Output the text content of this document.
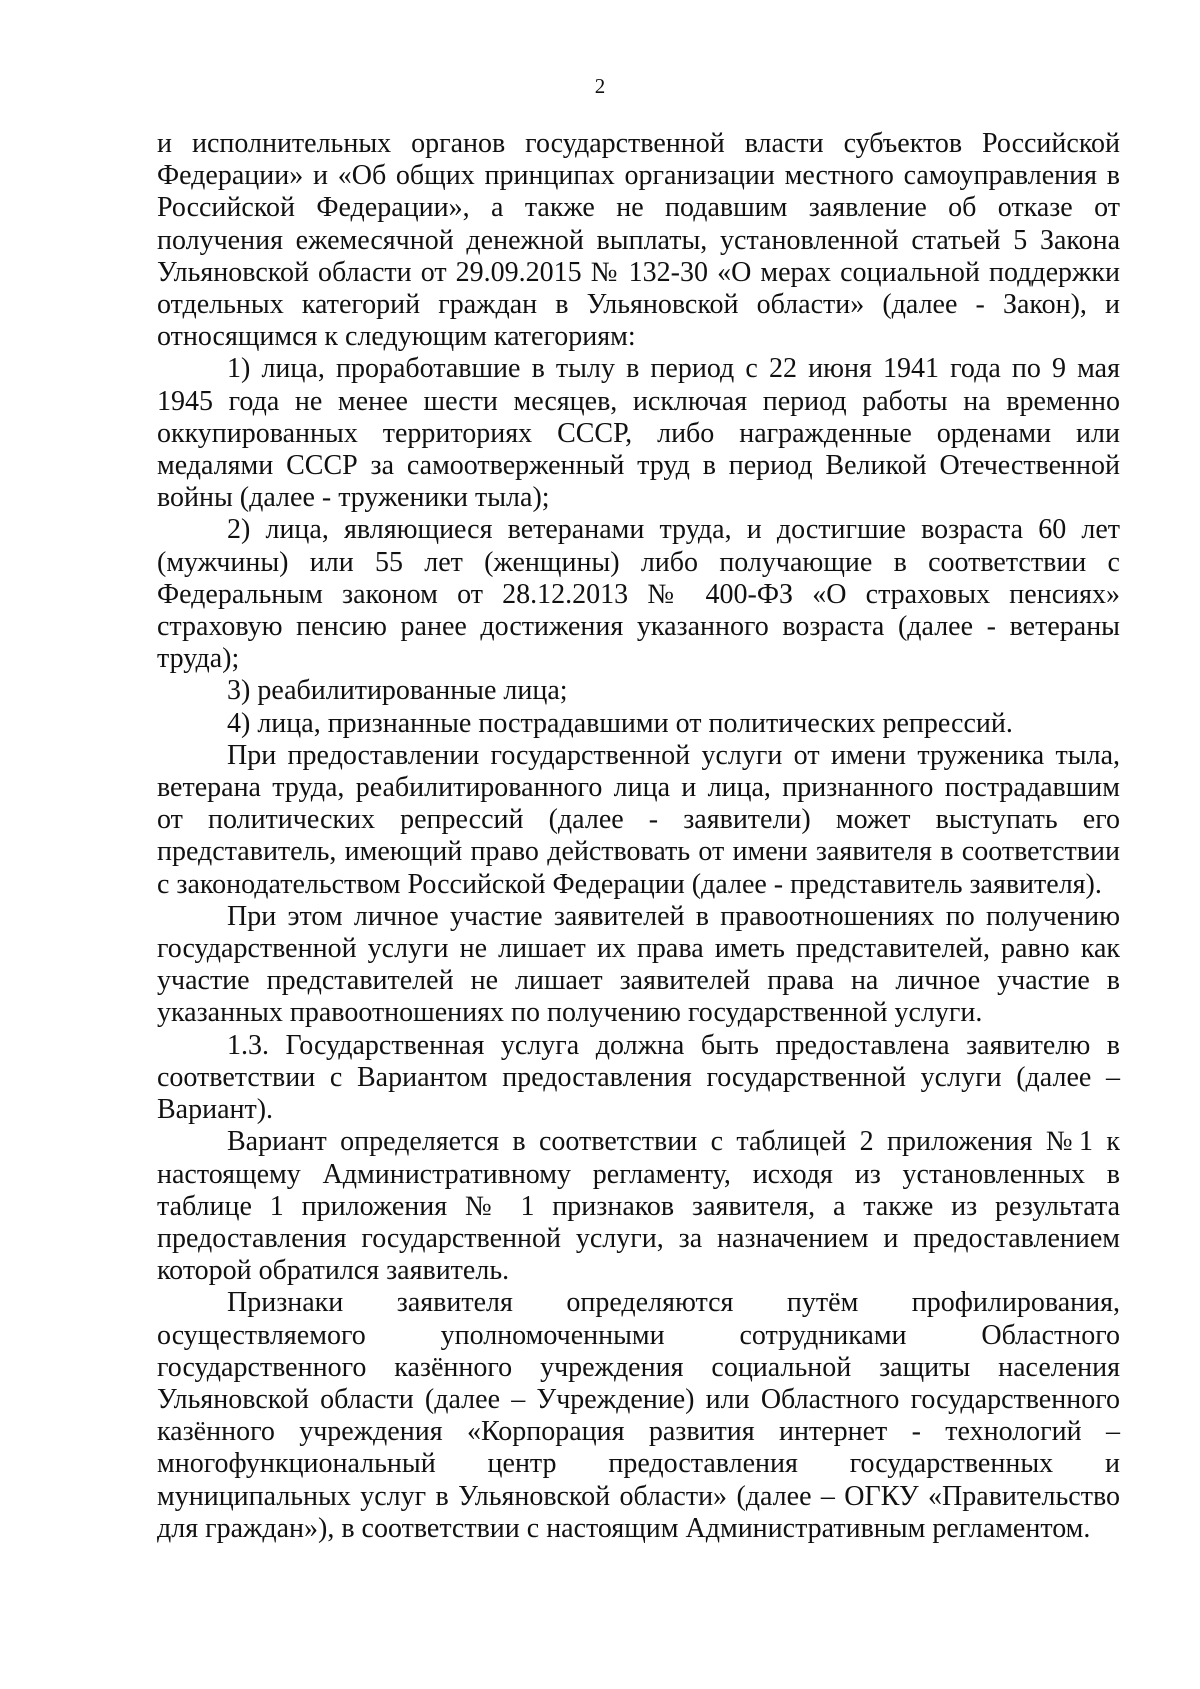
2

и исполнительных органов государственной власти субъектов Российской Федерации» и «Об общих принципах организации местного самоуправления в Российской Федерации», а также не подавшим заявление об отказе от получения ежемесячной денежной выплаты, установленной статьей 5 Закона Ульяновской области от 29.09.2015 № 132-30 «О мерах социальной поддержки отдельных категорий граждан в Ульяновской области» (далее - Закон), и относящимся к следующим категориям:

1) лица, проработавшие в тылу в период с 22 июня 1941 года по 9 мая 1945 года не менее шести месяцев, исключая период работы на временно оккупированных территориях СССР, либо награжденные орденами или медалями СССР за самоотверженный труд в период Великой Отечественной войны (далее - труженики тыла);

2) лица, являющиеся ветеранами труда, и достигшие возраста 60 лет (мужчины) или 55 лет (женщины) либо получающие в соответствии с Федеральным законом от 28.12.2013 № 400-ФЗ «О страховых пенсиях» страховую пенсию ранее достижения указанного возраста (далее - ветераны труда);

3) реабилитированные лица;

4) лица, признанные пострадавшими от политических репрессий.

При предоставлении государственной услуги от имени труженика тыла, ветерана труда, реабилитированного лица и лица, признанного пострадавшим от политических репрессий (далее - заявители) может выступать его представитель, имеющий право действовать от имени заявителя в соответствии с законодательством Российской Федерации (далее - представитель заявителя).

При этом личное участие заявителей в правоотношениях по получению государственной услуги не лишает их права иметь представителей, равно как участие представителей не лишает заявителей права на личное участие в указанных правоотношениях по получению государственной услуги.

1.3. Государственная услуга должна быть предоставлена заявителю в соответствии с Вариантом предоставления государственной услуги (далее – Вариант).

Вариант определяется в соответствии с таблицей 2 приложения №1 к настоящему Административному регламенту, исходя из установленных в таблице 1 приложения № 1 признаков заявителя, а также из результата предоставления государственной услуги, за назначением и предоставлением которой обратился заявитель.

Признаки заявителя определяются путём профилирования, осуществляемого уполномоченными сотрудниками Областного государственного казённого учреждения социальной защиты населения Ульяновской области (далее – Учреждение) или Областного государственного казённого учреждения «Корпорация развития интернет - технологий – многофункциональный центр предоставления государственных и муниципальных услуг в Ульяновской области» (далее – ОГКУ «Правительство для граждан»), в соответствии с настоящим Административным регламентом.
